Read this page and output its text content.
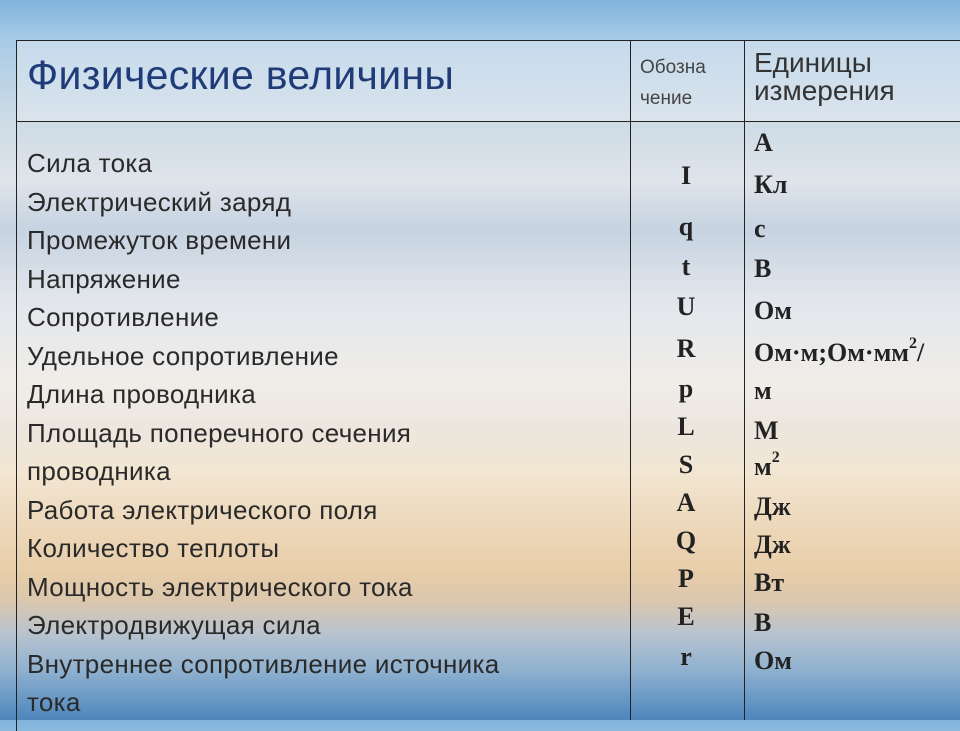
Физические величины	Обозна
чение
Единицы
измерения
Сила тока
Электрический заряд
Промежуток времени
Напряжение
Сопротивление
Удельное сопротивление
Длина проводника
Площадь поперечного сечения
проводника
Работа электрического поля
Количество теплоты
Мощность электрического тока
Электродвижущая сила
Внутреннее сопротивление источника
тока
I
q
t
U
R
p
L
S
A
Q
P
E
r
А
Кл
с
В
Ом
$Ом\cdot м;Ом\cdot мм^2/$
м
М
$м^2$
Дж
Дж
Вт
В
Ом
